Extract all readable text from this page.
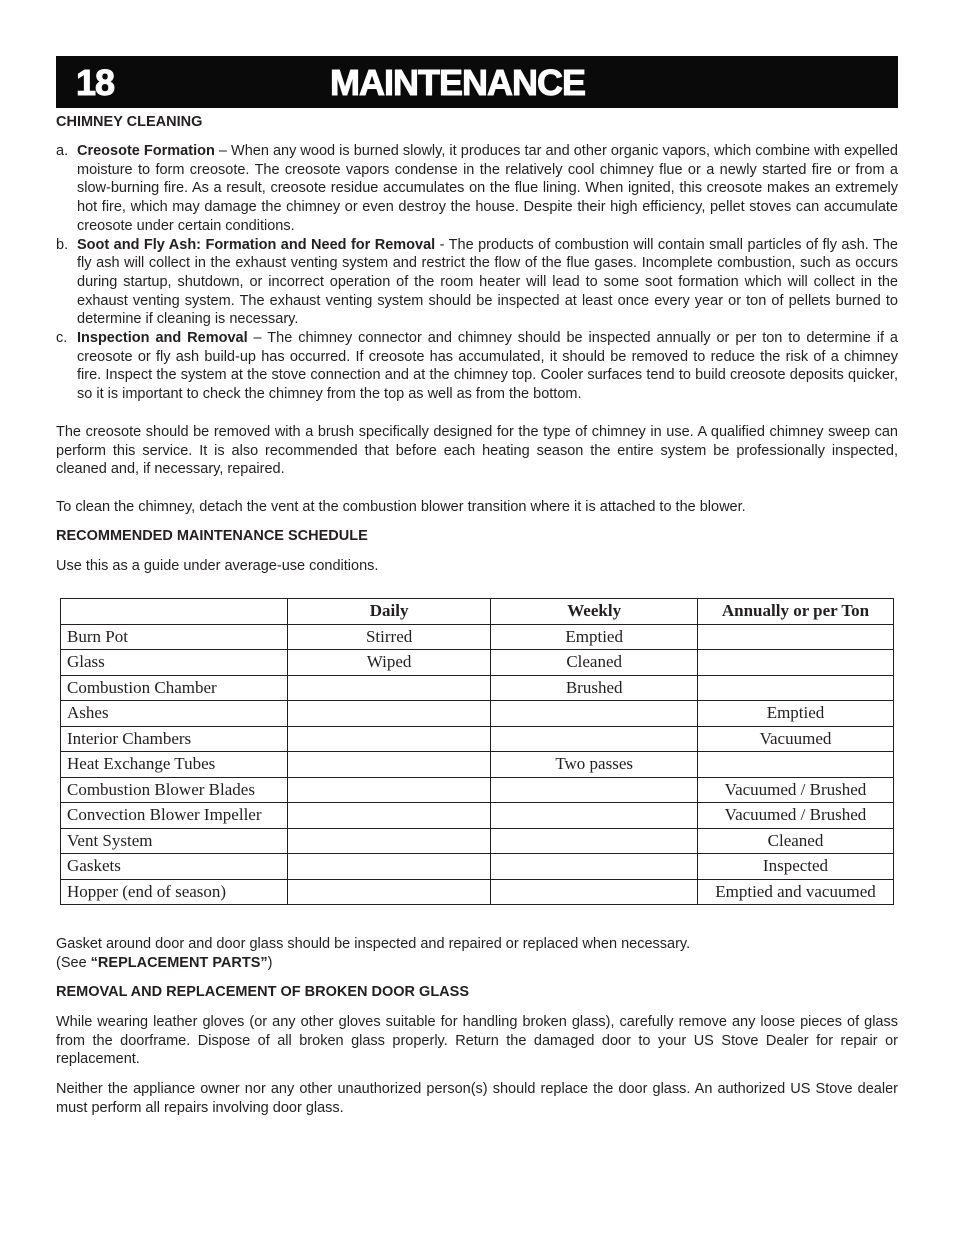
18	MAINTENANCE

CHIMNEY CLEANING

a. Creosote Formation – When any wood is burned slowly, it produces tar and other organic vapors, which combine with expelled moisture to form creosote. The creosote vapors condense in the relatively cool chimney flue or a newly started fire or from a slow-burning fire. As a result, creosote residue accumulates on the flue lining. When ignited, this creosote makes an extremely hot fire, which may damage the chimney or even destroy the house. Despite their high efficiency, pellet stoves can accumulate creosote under certain conditions.
b. Soot and Fly Ash: Formation and Need for Removal - The products of combustion will contain small particles of fly ash. The fly ash will collect in the exhaust venting system and restrict the flow of the flue gases. Incomplete combustion, such as occurs during startup, shutdown, or incorrect operation of the room heater will lead to some soot formation which will collect in the exhaust venting system. The exhaust venting system should be inspected at least once every year or ton of pellets burned to determine if cleaning is necessary.
c. Inspection and Removal – The chimney connector and chimney should be inspected annually or per ton to determine if a creosote or fly ash build-up has occurred. If creosote has accumulated, it should be removed to reduce the risk of a chimney fire. Inspect the system at the stove connection and at the chimney top. Cooler surfaces tend to build creosote deposits quicker, so it is important to check the chimney from the top as well as from the bottom.

The creosote should be removed with a brush specifically designed for the type of chimney in use. A qualified chimney sweep can perform this service. It is also recommended that before each heating season the entire system be professionally inspected, cleaned and, if necessary, repaired.

To clean the chimney, detach the vent at the combustion blower transition where it is attached to the blower.

RECOMMENDED MAINTENANCE SCHEDULE

Use this as a guide under average-use conditions.

	Daily	Weekly	Annually or per Ton
Burn Pot	Stirred	Emptied	
Glass	Wiped	Cleaned	
Combustion Chamber		Brushed	
Ashes			Emptied
Interior Chambers			Vacuumed
Heat Exchange Tubes		Two passes	
Combustion Blower Blades			Vacuumed / Brushed
Convection Blower Impeller			Vacuumed / Brushed
Vent System			Cleaned
Gaskets			Inspected
Hopper (end of season)			Emptied and vacuumed

Gasket around door and door glass should be inspected and repaired or replaced when necessary.

(See “REPLACEMENT PARTS”)

REMOVAL AND REPLACEMENT OF BROKEN DOOR GLASS

While wearing leather gloves (or any other gloves suitable for handling broken glass), carefully remove any loose pieces of glass from the doorframe. Dispose of all broken glass properly. Return the damaged door to your US Stove Dealer for repair or replacement.

Neither the appliance owner nor any other unauthorized person(s) should replace the door glass. An authorized US Stove dealer must perform all repairs involving door glass.
